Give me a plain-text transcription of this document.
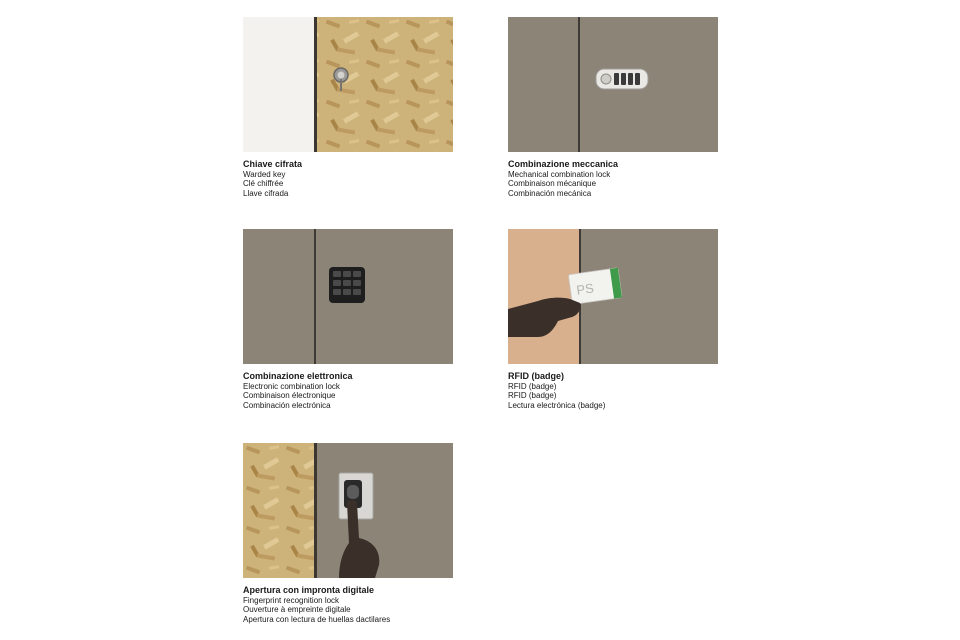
Chiave cifrata
Warded key
Clé chiffrée
Llave cifrada
Combinazione meccanica
Mechanical combination lock
Combinaison mécanique
Combinación mecánica
Combinazione elettronica
Electronic combination lock
Combinaison électronique
Combinación electrónica
PS
RFID (badge)
RFID (badge)
RFID (badge)
Lectura electrónica (badge)
Apertura con impronta digitale
Fingerprint recognition lock
Ouverture à empreinte digitale
Apertura con lectura de huellas dactilares
